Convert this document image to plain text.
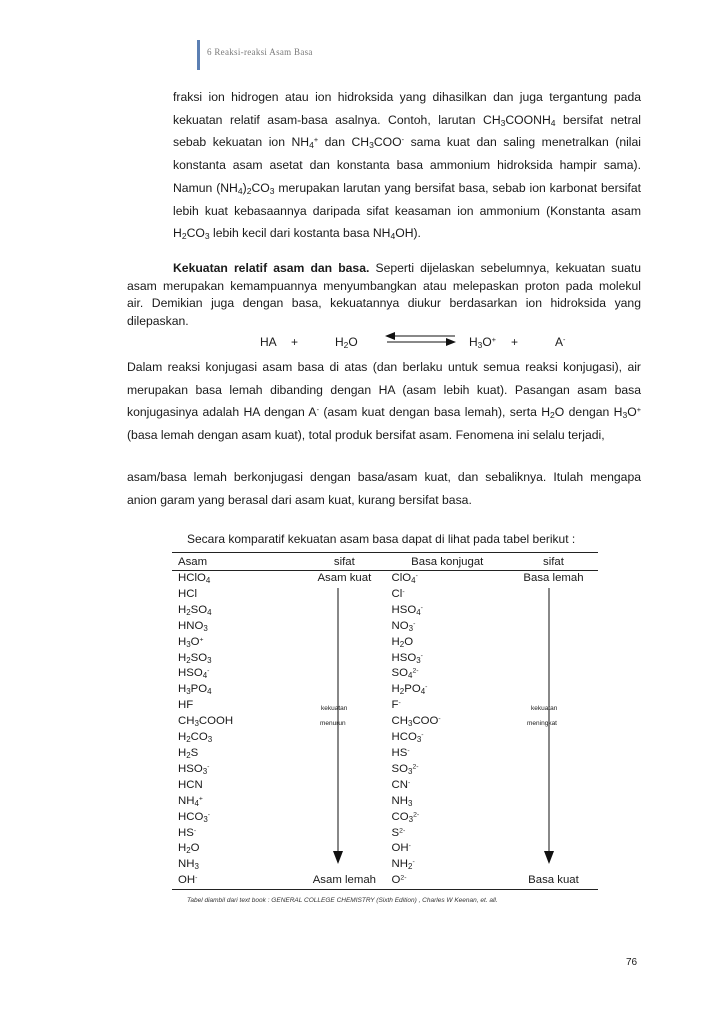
6 Reaksi-reaksi Asam Basa
fraksi ion hidrogen atau ion hidroksida yang dihasilkan dan juga tergantung pada
kekuatan relatif asam-basa asalnya. Contoh, larutan $CH_3COONH_4$ bersifat netral
sebab kekuatan ion $NH_4^+$ dan $CH_3COO^-$ sama kuat dan saling menetralkan (nilai
konstanta asam asetat dan konstanta basa ammonium hidroksida hampir sama).
Namun $(NH_4)_2CO_3$ merupakan larutan yang bersifat basa, sebab ion karbonat bersifat
lebih kuat kebasaannya daripada sifat keasaman ion ammonium (Konstanta asam
$H_2CO_3$ lebih kecil dari kostanta basa $NH_4OH$).
Kekuatan relatif asam dan basa. Seperti dijelaskan sebelumnya, kekuatan suatu
asam merupakan kemampuannya menyumbangkan atau melepaskan proton pada molekul
air. Demikian juga dengan basa, kekuatannya diukur berdasarkan ion hidroksida yang
dilepaskan.
HA +	$H_2O$	$H_3O^+$ +	A-
Dalam reaksi konjugasi asam basa di atas (dan berlaku untuk semua reaksi konjugasi), air
merupakan basa lemah dibanding dengan HA (asam lebih kuat). Pasangan asam basa
konjugasinya adalah HA dengan A- (asam kuat dengan basa lemah), serta $H_2O$ dengan $H_3O^+$
(basa lemah dengan asam kuat), total produk bersifat asam. Fenomena ini selalu terjadi,
asam/basa lemah berkonjugasi dengan basa/asam kuat, dan sebaliknya. Itulah mengapa
anion garam yang berasal dari asam kuat, kurang bersifat basa.
Secara komparatif kekuatan asam basa dapat di lihat pada tabel berikut :
Asam	sifat	Basa konjugat	sifat
HClO$_4$	Asam kuat	ClO$_4$-	Basa lemah
HCl		Cl-	
$H_2SO_4$		$HSO_4^-$	
$HNO_3$		$NO_3^-$	
$H_3O^+$		$H_2O$	
$H_2SO_3$		$HSO_3^-$	
$HSO_4^-$		$SO_4^{2-}$	
$H_3PO_4$		$H_2PO_4^-$	
HF		F-	
$CH_3COOH$		$CH_3COO^-$	
$H_2CO_3$		$HCO_3^-$	
$H_2S$		HS-	
$HSO_3^-$		$SO_3^{2-}$	
HCN		CN-	
$NH_4^+$		$NH_3$	
$HCO_3^-$		$CO_3^{2-}$	
HS-		$S^{2-}$	
$H_2O$		OH-	
$NH_3$		$NH_2^-$	
OH-	Asam lemah	$O^{2-}$	Basa kuat
kekuatan
menurun
kekuatan
meningkat
Tabel diambil dari text book : GENERAL COLLEGE CHEMISTRY (Sixth Edition) , Charles W Keenan, et. all.
76
